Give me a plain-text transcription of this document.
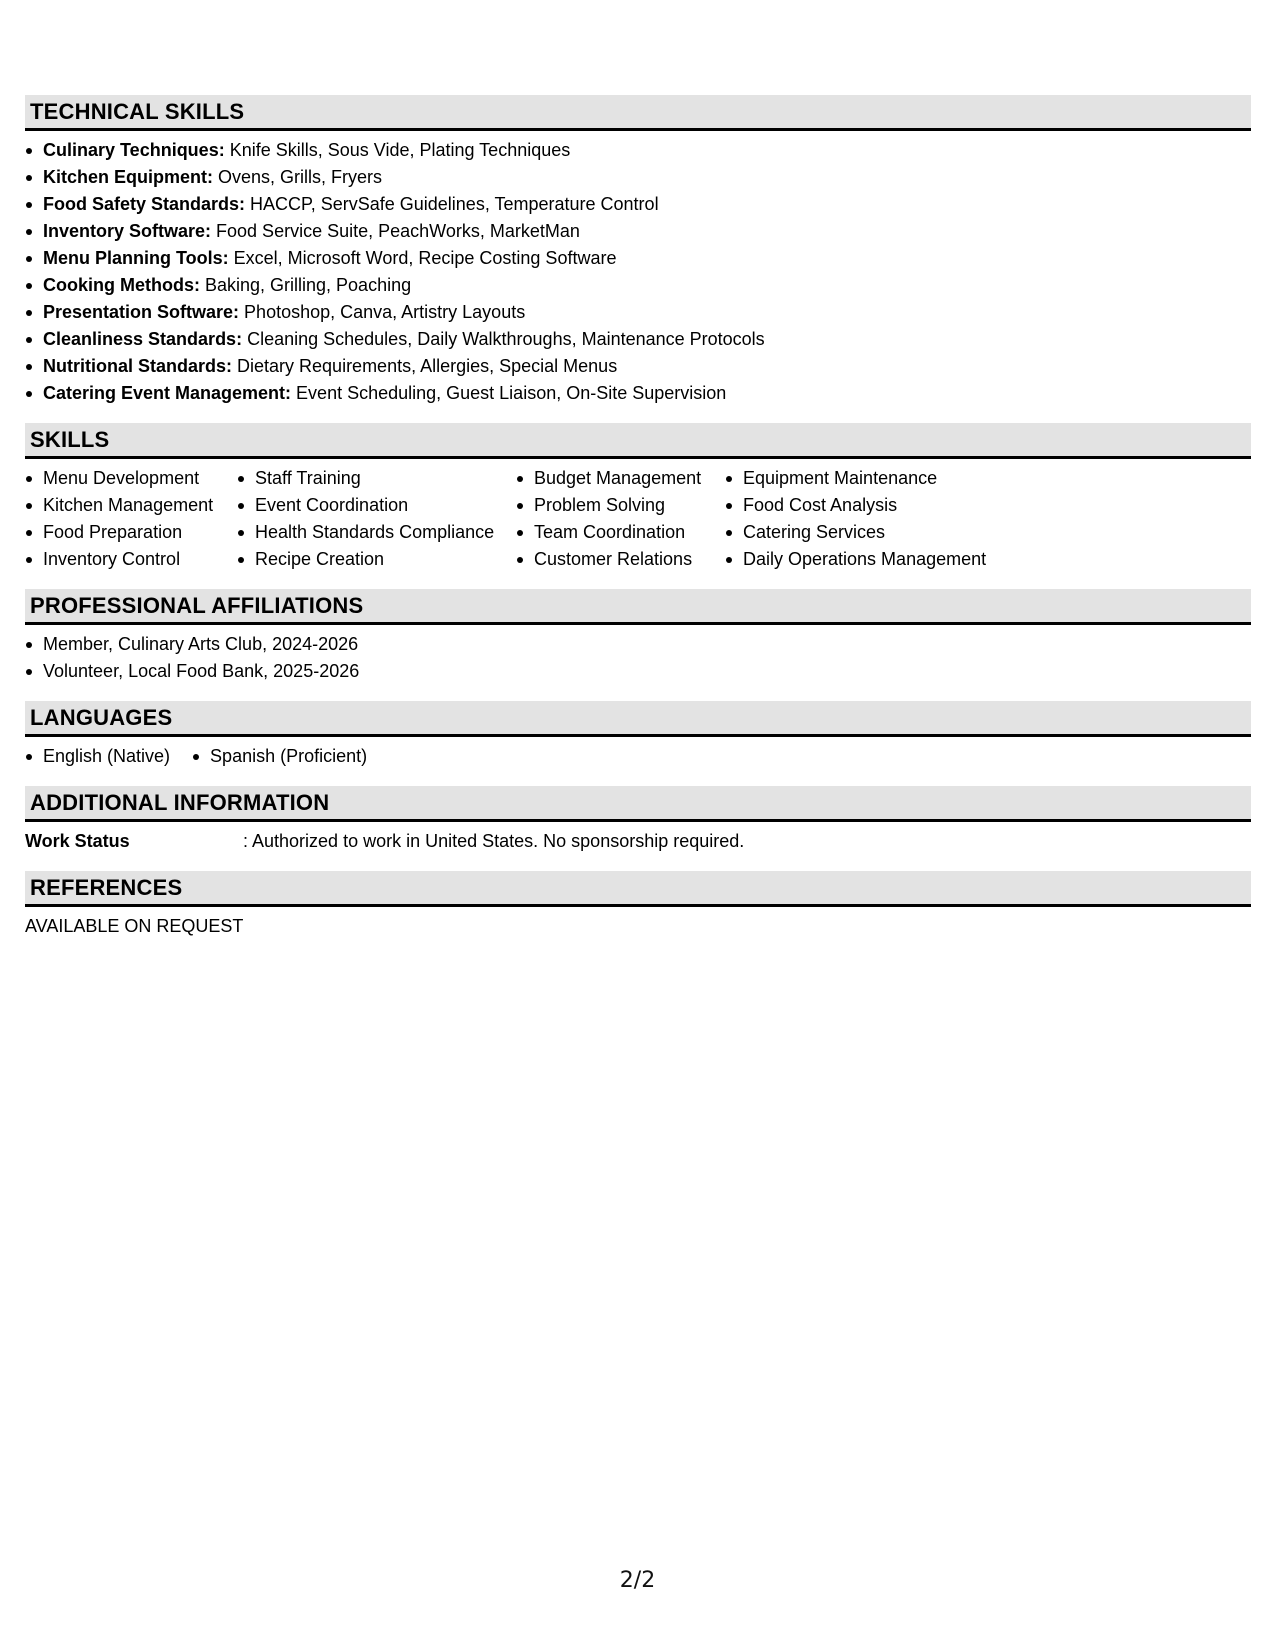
TECHNICAL SKILLS
Culinary Techniques: Knife Skills, Sous Vide, Plating Techniques
Kitchen Equipment: Ovens, Grills, Fryers
Food Safety Standards: HACCP, ServSafe Guidelines, Temperature Control
Inventory Software: Food Service Suite, PeachWorks, MarketMan
Menu Planning Tools: Excel, Microsoft Word, Recipe Costing Software
Cooking Methods: Baking, Grilling, Poaching
Presentation Software: Photoshop, Canva, Artistry Layouts
Cleanliness Standards: Cleaning Schedules, Daily Walkthroughs, Maintenance Protocols
Nutritional Standards: Dietary Requirements, Allergies, Special Menus
Catering Event Management: Event Scheduling, Guest Liaison, On-Site Supervision
SKILLS
Menu Development
Kitchen Management
Food Preparation
Inventory Control
Staff Training
Event Coordination
Health Standards Compliance
Recipe Creation
Budget Management
Problem Solving
Team Coordination
Customer Relations
Equipment Maintenance
Food Cost Analysis
Catering Services
Daily Operations Management
PROFESSIONAL AFFILIATIONS
Member, Culinary Arts Club, 2024-2026
Volunteer, Local Food Bank, 2025-2026
LANGUAGES
English (Native)	Spanish (Proficient)
ADDITIONAL INFORMATION
Work Status	: Authorized to work in United States. No sponsorship required.
REFERENCES
AVAILABLE ON REQUEST
2/2
